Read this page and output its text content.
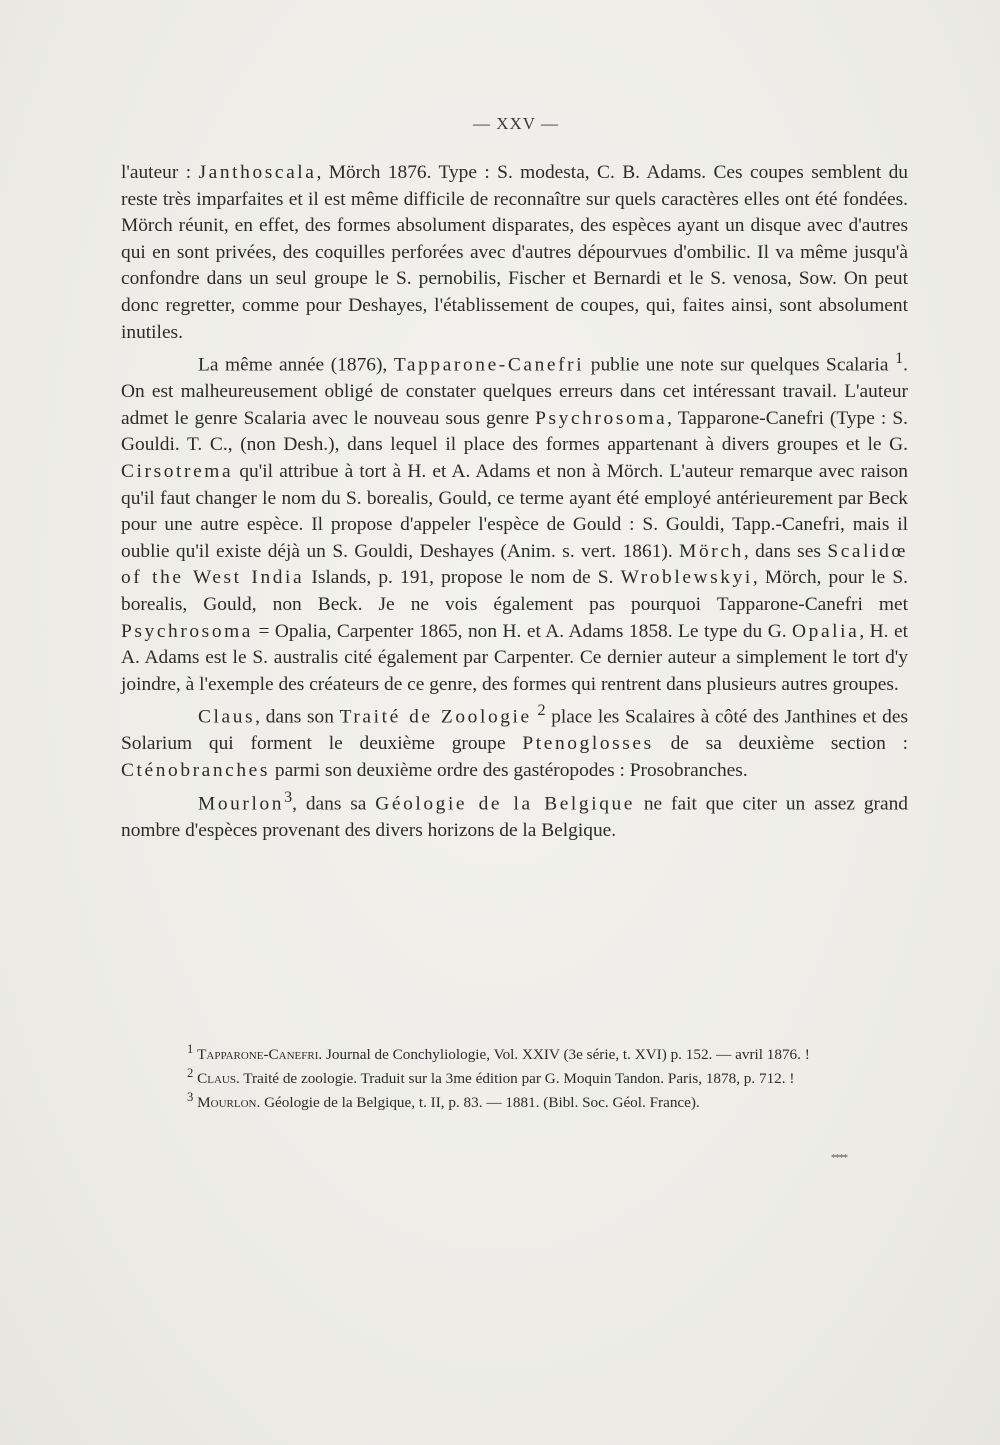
— XXV —

l'auteur : Janthoscala, Mörch 1876. Type : S. modesta, C. B. Adams. Ces coupes semblent du reste très imparfaites et il est même difficile de reconnaître sur quels caractères elles ont été fondées. Mörch réunit, en effet, des formes absolument disparates, des espèces ayant un disque avec d'autres qui en sont privées, des coquilles perforées avec d'autres dépourvues d'ombilic. Il va même jusqu'à confondre dans un seul groupe le S. pernobilis, Fischer et Bernardi et le S. venosa, Sow. On peut donc regretter, comme pour Deshayes, l'établissement de coupes, qui, faites ainsi, sont absolument inutiles.

La même année (1876), Tapparone-Canefri publie une note sur quelques Scalaria $^1$. On est malheureusement obligé de constater quelques erreurs dans cet intéressant travail. L'auteur admet le genre Scalaria avec le nouveau sous genre Psychrosoma, Tapparone-Canefri (Type : S. Gouldi. T. C., (non Desh.), dans lequel il place des formes appartenant à divers groupes et le G. Cirsotrema qu'il attribue à tort à H. et A. Adams et non à Mörch. L'auteur remarque avec raison qu'il faut changer le nom du S. borealis, Gould, ce terme ayant été employé antérieurement par Beck pour une autre espèce. Il propose d'appeler l'espèce de Gould : S. Gouldi, Tapp.-Canefri, mais il oublie qu'il existe déjà un S. Gouldi, Deshayes (Anim. s. vert. 1861). Mörch, dans ses Scalidœ of the West India Islands, p. 191, propose le nom de S. Wroblewskyi, Mörch, pour le S. borealis, Gould, non Beck. Je ne vois également pas pourquoi Tapparone-Canefri met Psychrosoma = Opalia, Carpenter 1865, non H. et A. Adams 1858. Le type du G. Opalia, H. et A. Adams est le S. australis cité également par Carpenter. Ce dernier auteur a simplement le tort d'y joindre, à l'exemple des créateurs de ce genre, des formes qui rentrent dans plusieurs autres groupes.

Claus, dans son Traité de Zoologie $^2$ place les Scalaires à côté des Janthines et des Solarium qui forment le deuxième groupe Ptenoglosses de sa deuxième section : Cténobranches parmi son deuxième ordre des gastéropodes : Prosobranches.

Mourlon$^3$, dans sa Géologie de la Belgique ne fait que citer un assez grand nombre d'espèces provenant des divers horizons de la Belgique.

$^1$ Tapparone-Canefri. Journal de Conchyliologie, Vol. XXIV (3e série, t. XVI) p. 152. — avril 1876. !

$^2$ Claus. Traité de zoologie. Traduit sur la 3me édition par G. Moquin Tandon. Paris, 1878, p. 712. !

$^3$ Mourlon. Géologie de la Belgique, t. II, p. 83. — 1881. (Bibl. Soc. Géol. France).

****
